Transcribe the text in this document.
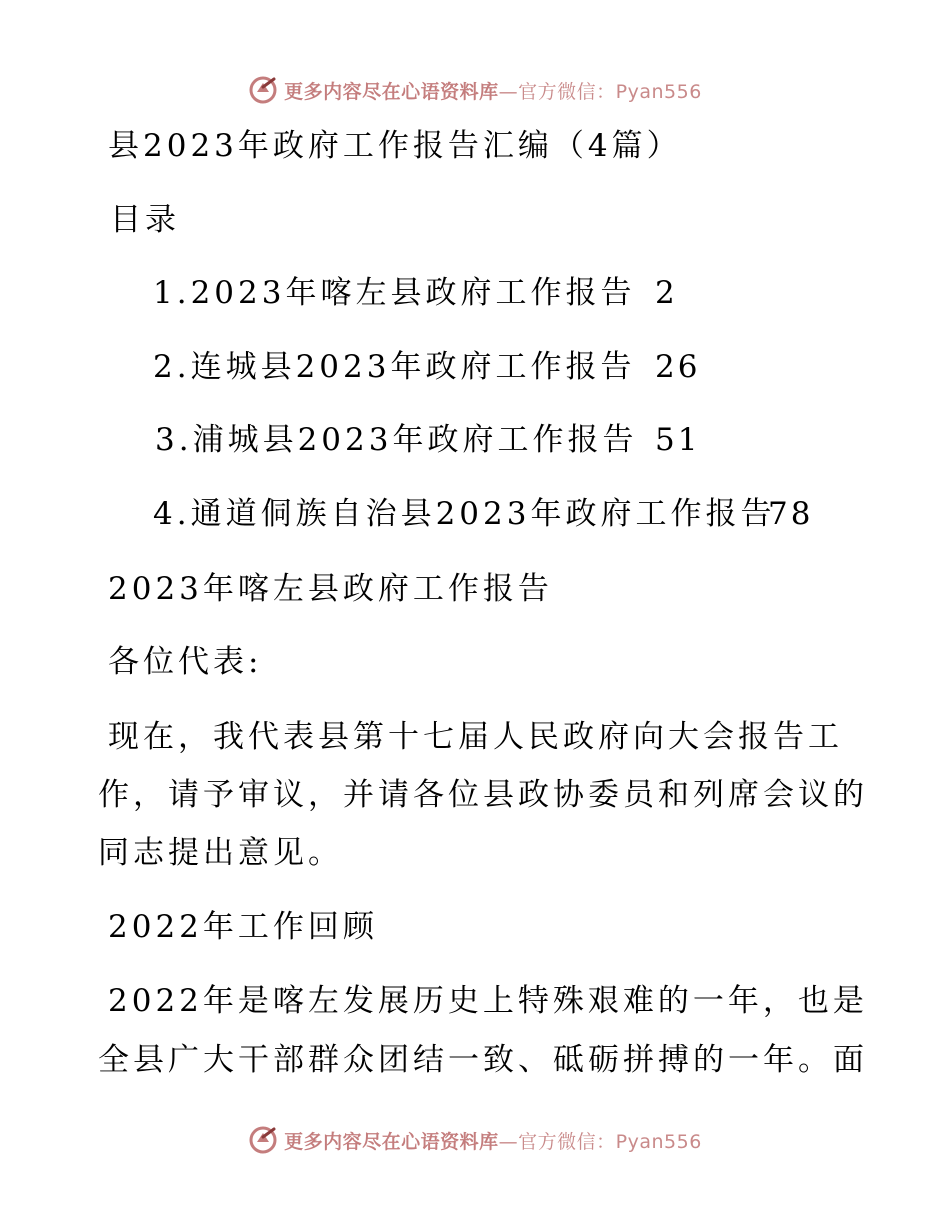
更多内容尽在心语资料库—官方微信：Pyan556
县2023年政府工作报告汇编（4篇）
目录
1.2023年喀左县政府工作报告 2
2.连城县2023年政府工作报告 26
3.浦城县2023年政府工作报告 51
4.通道侗族自治县2023年政府工作报告
78
2023年喀左县政府工作报告
各位代表:
现在，我代表县第十七届人民政府向大会报告工
作，请予审议，并请各位县政协委员和列席会议的
同志提出意见。
2022年工作回顾
2022年是喀左发展历史上特殊艰难的一年，也是
全县广大干部群众团结一致、砥砺拼搏的一年。面
更多内容尽在心语资料库—官方微信：Pyan556
